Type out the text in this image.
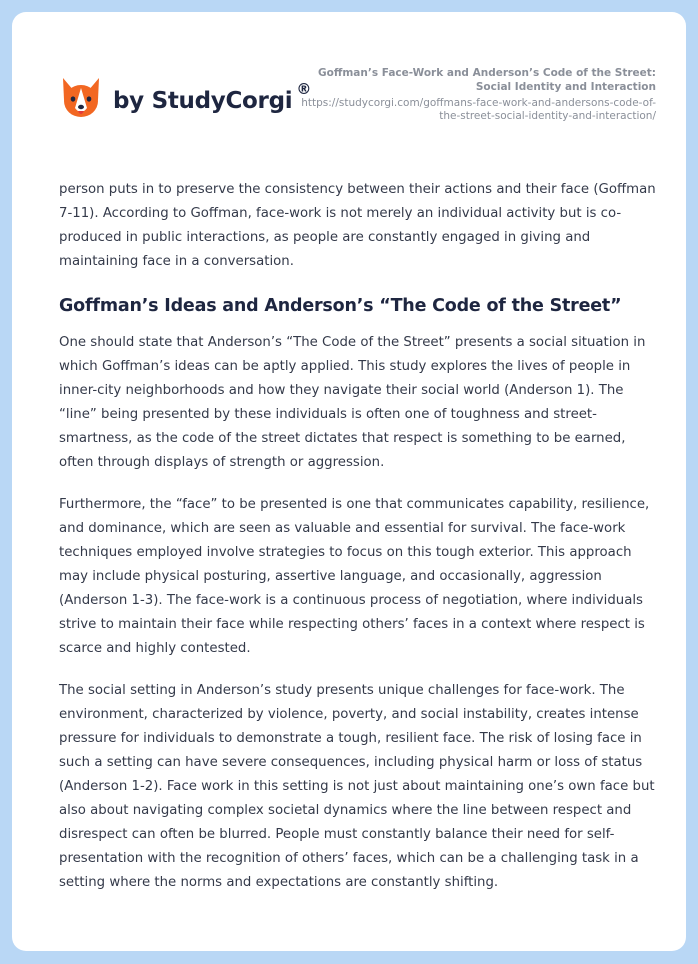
by StudyCorgi ®
Goffman’s Face-Work and Anderson’s Code of the Street: Social Identity and Interaction
https://studycorgi.com/goffmans-face-work-and-andersons-code-of-the-street-social-identity-and-interaction/

person puts in to preserve the consistency between their actions and their face (Goffman 7-11). According to Goffman, face-work is not merely an individual activity but is co-produced in public interactions, as people are constantly engaged in giving and maintaining face in a conversation.

Goffman’s Ideas and Anderson’s “The Code of the Street”

One should state that Anderson’s “The Code of the Street” presents a social situation in which Goffman’s ideas can be aptly applied. This study explores the lives of people in inner-city neighborhoods and how they navigate their social world (Anderson 1). The “line” being presented by these individuals is often one of toughness and street-smartness, as the code of the street dictates that respect is something to be earned, often through displays of strength or aggression.

Furthermore, the “face” to be presented is one that communicates capability, resilience, and dominance, which are seen as valuable and essential for survival. The face-work techniques employed involve strategies to focus on this tough exterior. This approach may include physical posturing, assertive language, and occasionally, aggression (Anderson 1-3). The face-work is a continuous process of negotiation, where individuals strive to maintain their face while respecting others’ faces in a context where respect is scarce and highly contested.

The social setting in Anderson’s study presents unique challenges for face-work. The environment, characterized by violence, poverty, and social instability, creates intense pressure for individuals to demonstrate a tough, resilient face. The risk of losing face in such a setting can have severe consequences, including physical harm or loss of status (Anderson 1-2). Face work in this setting is not just about maintaining one’s own face but also about navigating complex societal dynamics where the line between respect and disrespect can often be blurred. People must constantly balance their need for self-presentation with the recognition of others’ faces, which can be a challenging task in a setting where the norms and expectations are constantly shifting.
